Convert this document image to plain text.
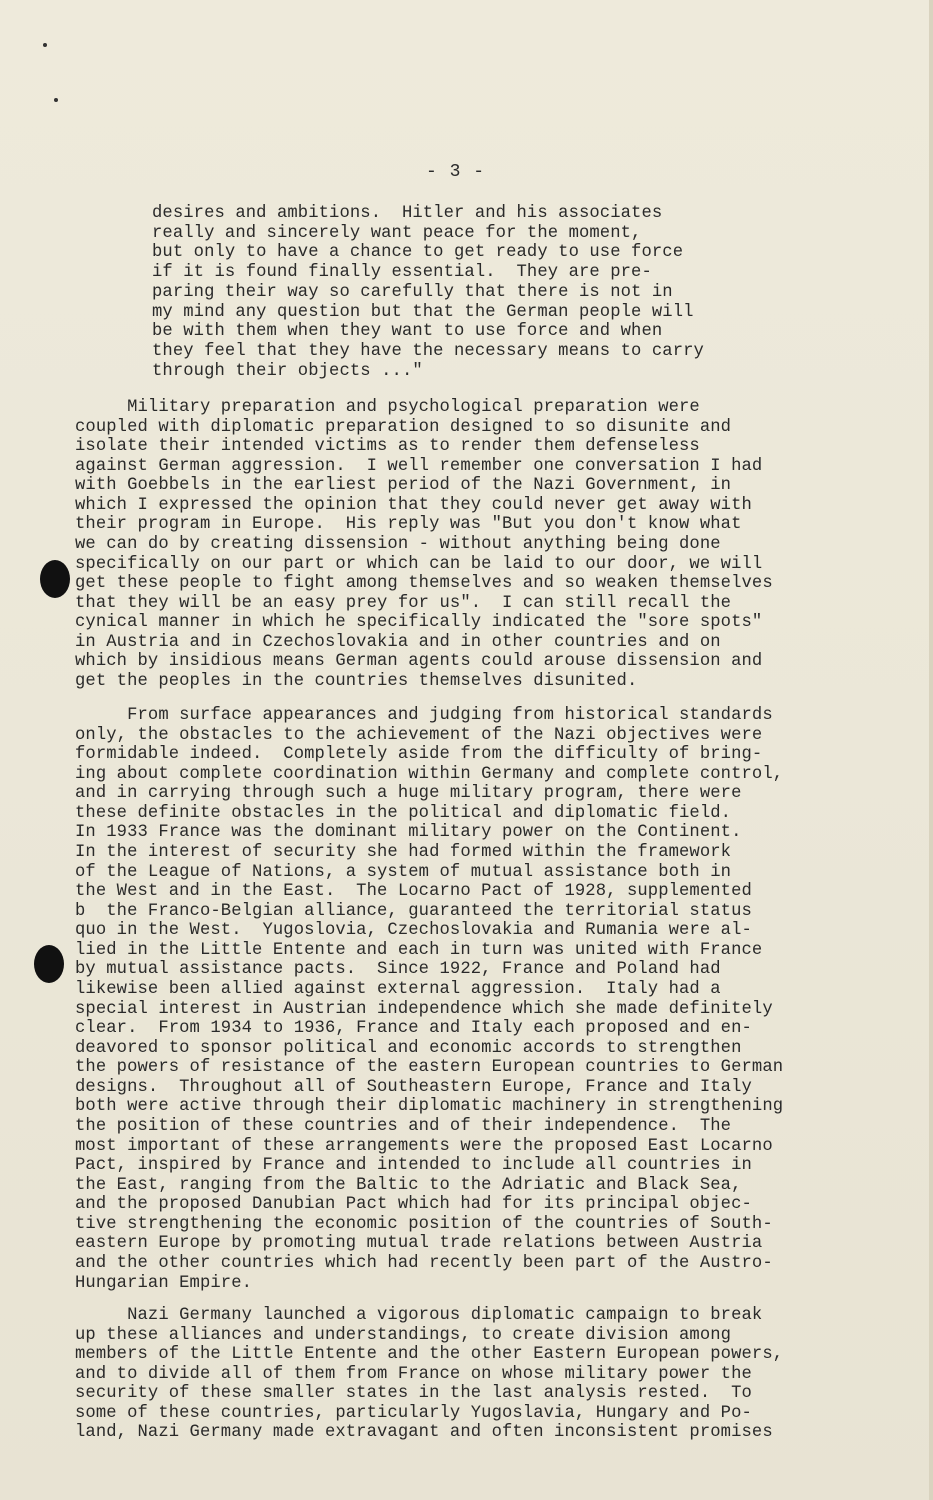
- 3 -
desires and ambitions.  Hitler and his associates
really and sincerely want peace for the moment,
but only to have a chance to get ready to use force
if it is found finally essential.  They are pre-
paring their way so carefully that there is not in
my mind any question but that the German people will
be with them when they want to use force and when
they feel that they have the necessary means to carry
through their objects ..."
Military preparation and psychological preparation were
coupled with diplomatic preparation designed to so disunite and
isolate their intended victims as to render them defenseless
against German aggression.  I well remember one conversation I had
with Goebbels in the earliest period of the Nazi Government, in
which I expressed the opinion that they could never get away with
their program in Europe.  His reply was "But you don't know what
we can do by creating dissension - without anything being done
specifically on our part or which can be laid to our door, we will
get these people to fight among themselves and so weaken themselves
that they will be an easy prey for us".  I can still recall the
cynical manner in which he specifically indicated the "sore spots"
in Austria and in Czechoslovakia and in other countries and on
which by insidious means German agents could arouse dissension and
get the peoples in the countries themselves disunited.
From surface appearances and judging from historical standards
only, the obstacles to the achievement of the Nazi objectives were
formidable indeed.  Completely aside from the difficulty of bring-
ing about complete coordination within Germany and complete control,
and in carrying through such a huge military program, there were
these definite obstacles in the political and diplomatic field.
In 1933 France was the dominant military power on the Continent.
In the interest of security she had formed within the framework
of the League of Nations, a system of mutual assistance both in
the West and in the East.  The Locarno Pact of 1928, supplemented
b  the Franco-Belgian alliance, guaranteed the territorial status
quo in the West.  Yugoslovia, Czechoslovakia and Rumania were al-
lied in the Little Entente and each in turn was united with France
by mutual assistance pacts.  Since 1922, France and Poland had
likewise been allied against external aggression.  Italy had a
special interest in Austrian independence which she made definitely
clear.  From 1934 to 1936, France and Italy each proposed and en-
deavored to sponsor political and economic accords to strengthen
the powers of resistance of the eastern European countries to German
designs.  Throughout all of Southeastern Europe, France and Italy
both were active through their diplomatic machinery in strengthening
the position of these countries and of their independence.  The
most important of these arrangements were the proposed East Locarno
Pact, inspired by France and intended to include all countries in
the East, ranging from the Baltic to the Adriatic and Black Sea,
and the proposed Danubian Pact which had for its principal objec-
tive strengthening the economic position of the countries of South-
eastern Europe by promoting mutual trade relations between Austria
and the other countries which had recently been part of the Austro-
Hungarian Empire.
Nazi Germany launched a vigorous diplomatic campaign to break
up these alliances and understandings, to create division among
members of the Little Entente and the other Eastern European powers,
and to divide all of them from France on whose military power the
security of these smaller states in the last analysis rested.  To
some of these countries, particularly Yugoslavia, Hungary and Po-
land, Nazi Germany made extravagant and often inconsistent promises
